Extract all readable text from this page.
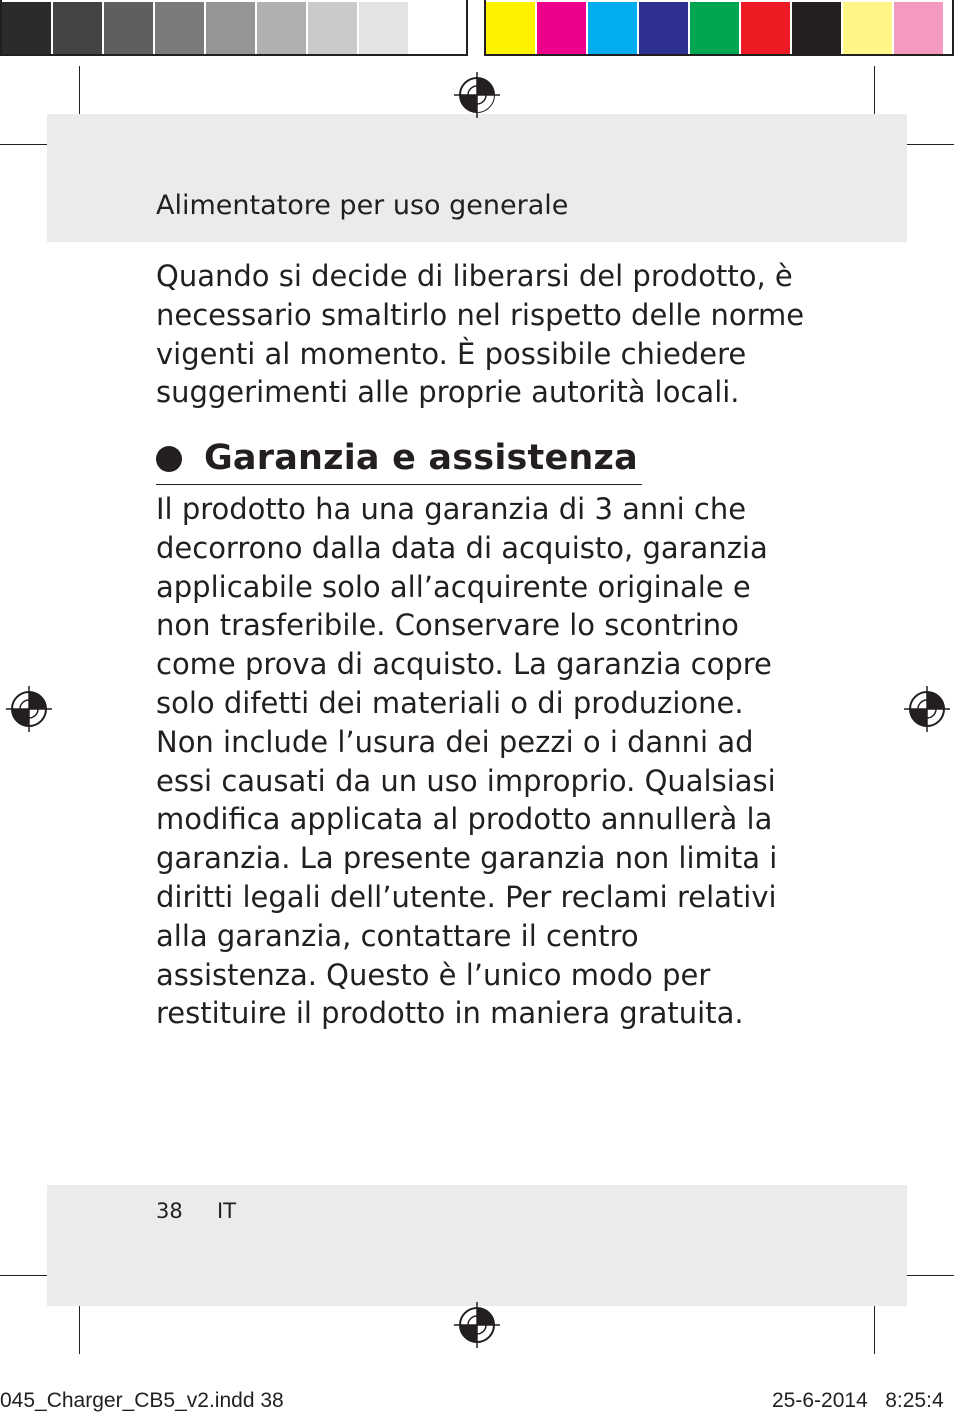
Alimentatore per uso generale

Quando si decide di liberarsi del prodotto, è necessario smaltirlo nel rispetto delle norme vigenti al momento. È possibile chiedere suggerimenti alle proprie autorità locali.

Garanzia e assistenza

Il prodotto ha una garanzia di 3 anni che decorrono dalla data di acquisto, garanzia applicabile solo all’acquirente originale e non trasferibile. Conservare lo scontrino come prova di acquisto. La garanzia copre solo difetti dei materiali o di produzione. Non include l’usura dei pezzi o i danni ad essi causati da un uso improprio. Qualsiasi modifica applicata al prodotto annullerà la garanzia. La presente garanzia non limita i diritti legali dell’utente. Per reclami relativi alla garanzia, contattare il centro assistenza. Questo è l’unico modo per restituire il prodotto in maniera gratuita.

38 IT
045_Charger_CB5_v2.indd 38	25-6-2014   8:25:4
